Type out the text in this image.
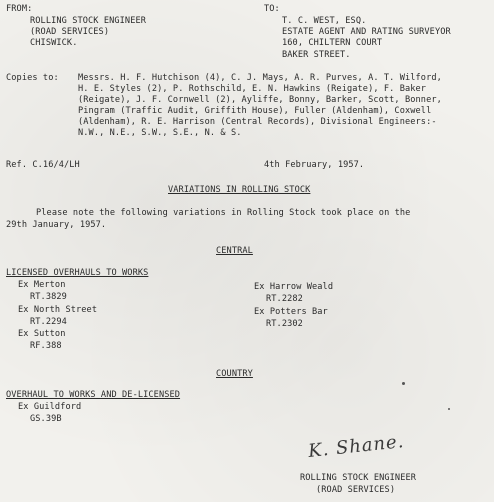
FROM:
ROLLING STOCK ENGINEER
(ROAD SERVICES)
CHISWICK.
TO:
T. C. WEST, ESQ.
ESTATE AGENT AND RATING SURVEYOR
160, CHILTERN COURT
BAKER STREET.
Copies to: Messrs. H. F. Hutchison (4), C. J. Mays, A. R. Purves, A. T. Wilford,
H. E. Styles (2), P. Rothschild, E. N. Hawkins (Reigate), F. Baker
(Reigate), J. F. Cornwell (2), Ayliffe, Bonny, Barker, Scott, Bonner,
Pingram (Traffic Audit, Griffith House), Fuller (Aldenham), Coxwell
(Aldenham), R. E. Harrison (Central Records), Divisional Engineers:-
N.W., N.E., S.W., S.E., N. & S.
Ref. C.16/4/LH	4th February, 1957.
VARIATIONS IN ROLLING STOCK
Please note the following variations in Rolling Stock took place on the
29th January, 1957.
CENTRAL
LICENSED OVERHAULS TO WORKS
Ex Merton
RT.3829
Ex North Street
RT.2294
Ex Sutton
RF.388
Ex Harrow Weald
RT.2282
Ex Potters Bar
RT.2302
COUNTRY
OVERHAUL TO WORKS AND DE-LICENSED
Ex Guildford
GS.39B
K. Shane.
ROLLING STOCK ENGINEER
(ROAD SERVICES)
